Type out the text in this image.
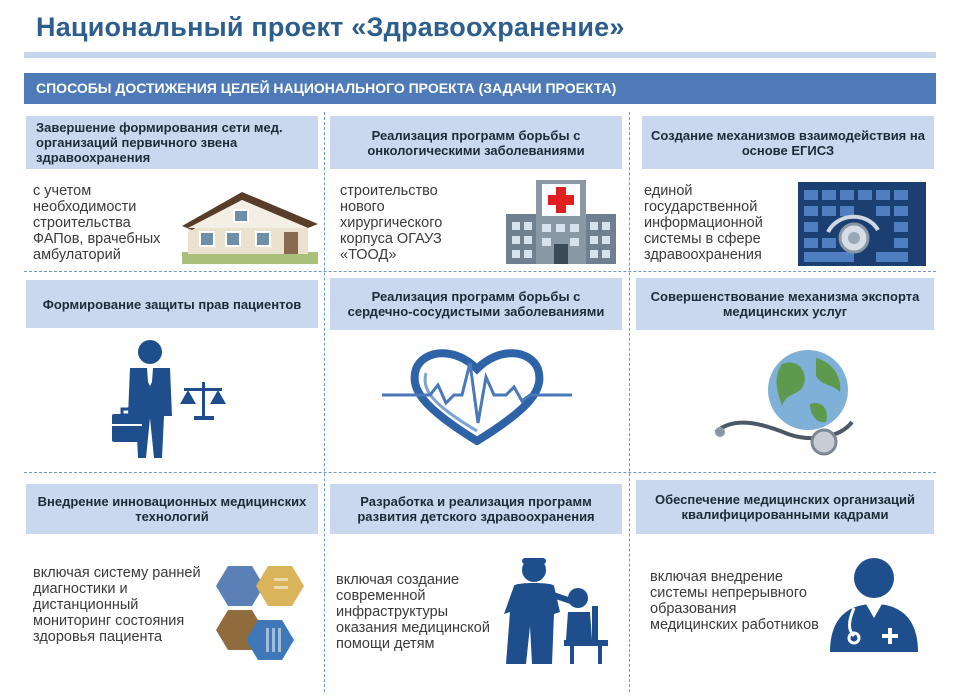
Национальный проект «Здравоохранение»
СПОСОБЫ ДОСТИЖЕНИЯ ЦЕЛЕЙ НАЦИОНАЛЬНОГО ПРОЕКТА (ЗАДАЧИ ПРОЕКТА)
Завершение формирования сети мед. организаций первичного звена здравоохранения
с учетом необходимости строительства ФАПов, врачебных амбулаторий
Реализация программ борьбы с онкологическими заболеваниями
строительство нового хирургического корпуса ОГАУЗ «ТООД»
Создание механизмов взаимодействия на основе ЕГИСЗ
единой государственной информационной системы в сфере здравоохранения
Формирование защиты прав пациентов	Реализация программ борьбы с сердечно-сосудистыми заболеваниями
Совершенствование механизма экспорта медицинских услуг
Внедрение инновационных медицинских технологий
включая систему ранней диагностики и дистанционный мониторинг состояния здоровья пациента
Разработка и реализация программ развития детского здравоохранения
включая создание современной инфраструктуры оказания медицинской помощи детям
Обеспечение медицинских организаций квалифицированными кадрами
включая внедрение системы непрерывного образования медицинских работников
